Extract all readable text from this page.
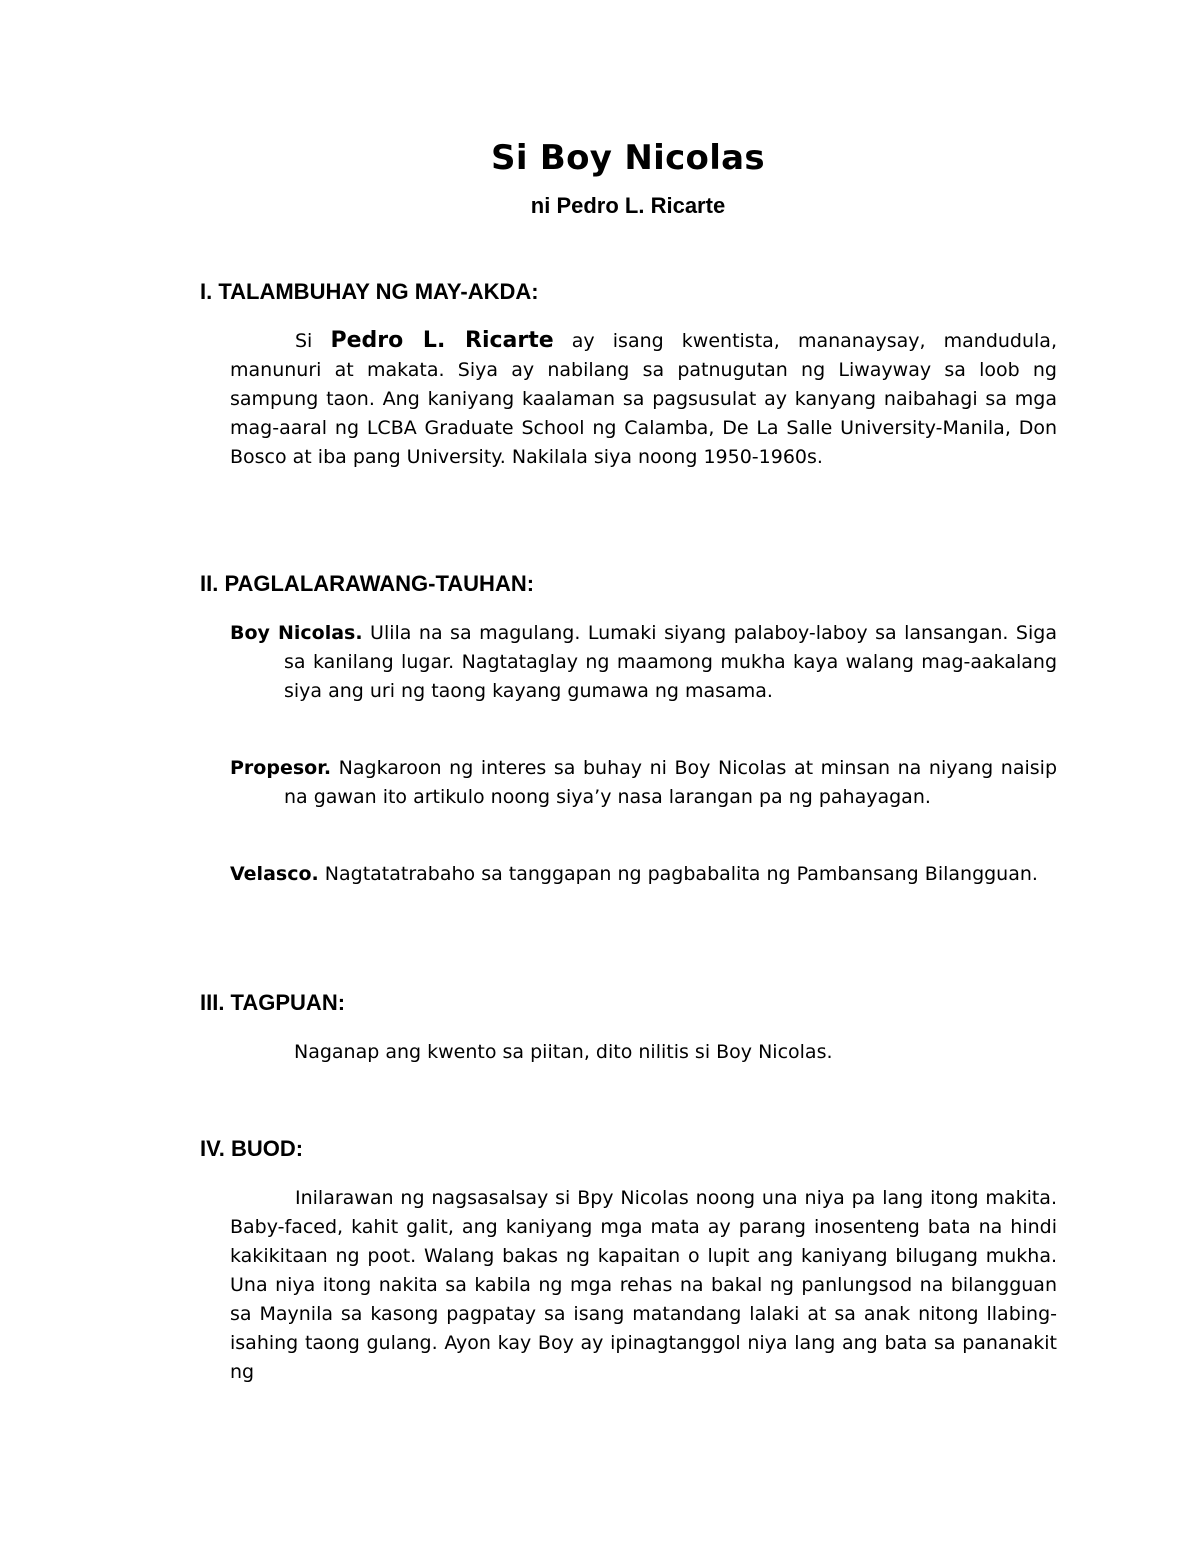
Si Boy Nicolas
ni Pedro L. Ricarte
I. TALAMBUHAY NG MAY-AKDA:
Si Pedro L. Ricarte ay isang kwentista, mananaysay, mandudula, manunuri at makata. Siya ay nabilang sa patnugutan ng Liwayway sa loob ng sampung taon. Ang kaniyang kaalaman sa pagsusulat ay kanyang naibahagi sa mga mag-aaral ng LCBA Graduate School ng Calamba, De La Salle University-Manila, Don Bosco at iba pang University. Nakilala siya noong 1950-1960s.
II. PAGLALARAWANG-TAUHAN:
Boy Nicolas. Ulila na sa magulang. Lumaki siyang palaboy-laboy sa lansangan. Siga sa kanilang lugar. Nagtataglay ng maamong mukha kaya walang mag-aakalang siya ang uri ng taong kayang gumawa ng masama.
Propesor. Nagkaroon ng interes sa buhay ni Boy Nicolas at minsan na niyang naisip na gawan ito artikulo noong siya’y nasa larangan pa ng pahayagan.
Velasco. Nagtatatrabaho sa tanggapan ng pagbabalita ng Pambansang Bilangguan.
III. TAGPUAN:
Naganap ang kwento sa piitan, dito nilitis si Boy Nicolas.
IV. BUOD:
Inilarawan ng nagsasalsay si Bpy Nicolas noong una niya pa lang itong makita. Baby-faced, kahit galit, ang kaniyang mga mata ay parang inosenteng bata na hindi kakikitaan ng poot. Walang bakas ng kapaitan o lupit ang kaniyang bilugang mukha. Una niya itong nakita sa kabila ng mga rehas na bakal ng panlungsod na bilangguan sa Maynila sa kasong pagpatay sa isang matandang lalaki at sa anak nitong llabing-isahing taong gulang. Ayon kay Boy ay ipinagtanggol niya lang ang bata sa pananakit ng
